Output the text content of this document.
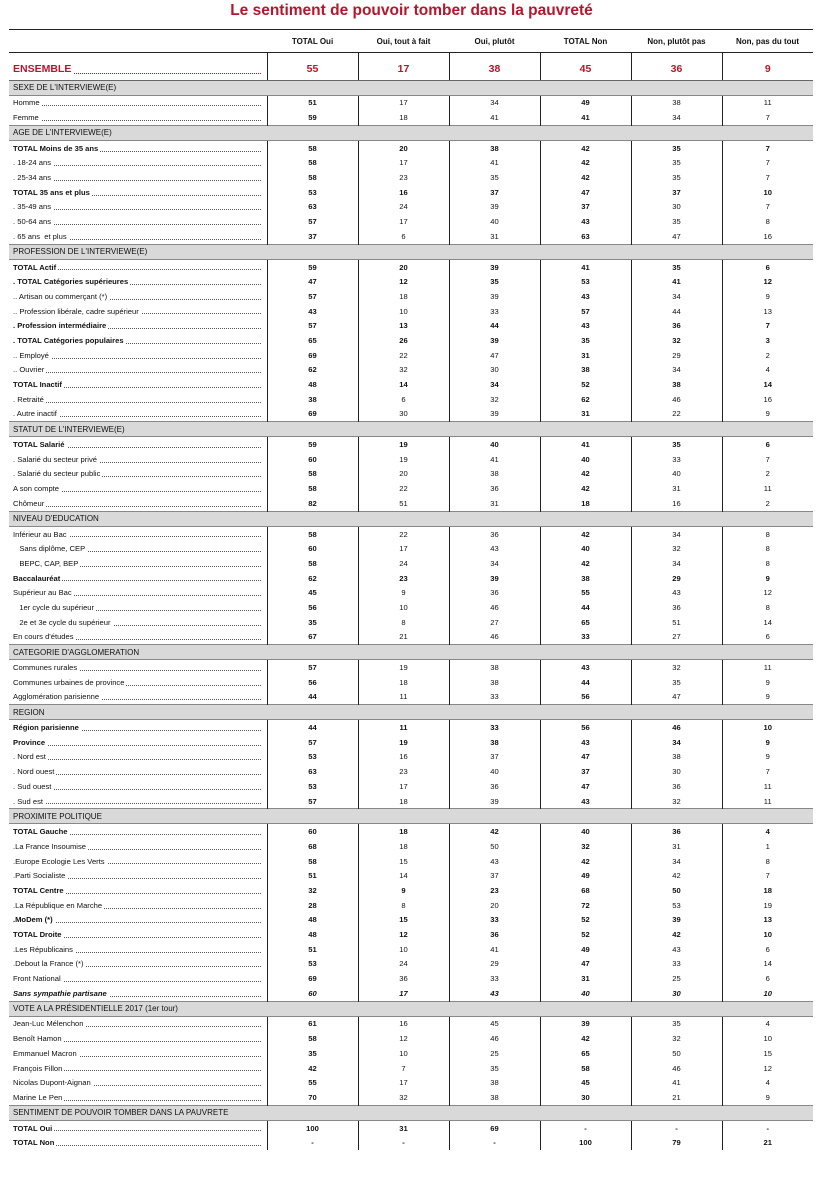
Le sentiment de pouvoir tomber dans la pauvreté
	TOTAL Oui	Oui, tout à fait	Oui, plutôt	TOTAL Non	Non, plutôt pas	Non, pas du tout

ENSEMBLE	55	17	38	45	36	9
SEXE DE L'INTERVIEWE(E)						
Homme	51	17	34	49	38	11
Femme	59	18	41	41	34	7
AGE DE L'INTERVIEWE(E)						
TOTAL Moins de 35 ans	58	20	38	42	35	7
. 18-24 ans	58	17	41	42	35	7
. 25-34 ans	58	23	35	42	35	7
TOTAL 35 ans et plus	53	16	37	47	37	10
. 35-49 ans	63	24	39	37	30	7
. 50-64 ans	57	17	40	43	35	8
. 65 ans  et plus	37	6	31	63	47	16
PROFESSION DE L'INTERVIEWE(E)						
TOTAL Actif	59	20	39	41	35	6
. TOTAL Catégories supérieures	47	12	35	53	41	12
.. Artisan ou commerçant (*)	57	18	39	43	34	9
.. Profession libérale, cadre supérieur	43	10	33	57	44	13
. Profession intermédiaire	57	13	44	43	36	7
. TOTAL Catégories populaires	65	26	39	35	32	3
.. Employé	69	22	47	31	29	2
.. Ouvrier	62	32	30	38	34	4
TOTAL Inactif	48	14	34	52	38	14
. Retraité	38	6	32	62	46	16
. Autre inactif	69	30	39	31	22	9
STATUT DE L'INTERVIEWE(E)						
TOTAL Salarié	59	19	40	41	35	6
. Salarié du secteur privé	60	19	41	40	33	7
. Salarié du secteur public	58	20	38	42	40	2
A son compte	58	22	36	42	31	11
Chômeur	82	51	31	18	16	2
NIVEAU D'EDUCATION						
Inférieur au Bac	58	22	36	42	34	8
Sans diplôme, CEP	60	17	43	40	32	8
BEPC, CAP, BEP	58	24	34	42	34	8
Baccalauréat	62	23	39	38	29	9
Supérieur au Bac	45	9	36	55	43	12
1er cycle du supérieur	56	10	46	44	36	8
2e et 3e cycle du supérieur	35	8	27	65	51	14
En cours d'études	67	21	46	33	27	6
CATEGORIE D'AGGLOMERATION						
Communes rurales	57	19	38	43	32	11
Communes urbaines de province	56	18	38	44	35	9
Agglomération parisienne	44	11	33	56	47	9
REGION						
Région parisienne	44	11	33	56	46	10
Province	57	19	38	43	34	9
. Nord est	53	16	37	47	38	9
. Nord ouest	63	23	40	37	30	7
. Sud ouest	53	17	36	47	36	11
. Sud est	57	18	39	43	32	11
PROXIMITE POLITIQUE						
TOTAL Gauche	60	18	42	40	36	4
.La France Insoumise	68	18	50	32	31	1
.Europe Ecologie Les Verts	58	15	43	42	34	8
.Parti Socialiste	51	14	37	49	42	7
TOTAL Centre	32	9	23	68	50	18
.La République en Marche	28	8	20	72	53	19
.MoDem (*)	48	15	33	52	39	13
TOTAL Droite	48	12	36	52	42	10
.Les Républicains	51	10	41	49	43	6
.Debout la France (*)	53	24	29	47	33	14
Front National	69	36	33	31	25	6
Sans sympathie partisane	60	17	43	40	30	10
VOTE A LA PRÉSIDENTIELLE 2017 (1er tour)						
Jean-Luc Mélenchon	61	16	45	39	35	4
Benoît Hamon	58	12	46	42	32	10
Emmanuel Macron	35	10	25	65	50	15
François Fillon	42	7	35	58	46	12
Nicolas Dupont-Aignan	55	17	38	45	41	4
Marine Le Pen	70	32	38	30	21	9
SENTIMENT DE POUVOIR TOMBER DANS LA PAUVRETE						
TOTAL Oui	100	31	69	-	-	-
TOTAL Non	-	-	-	100	79	21
